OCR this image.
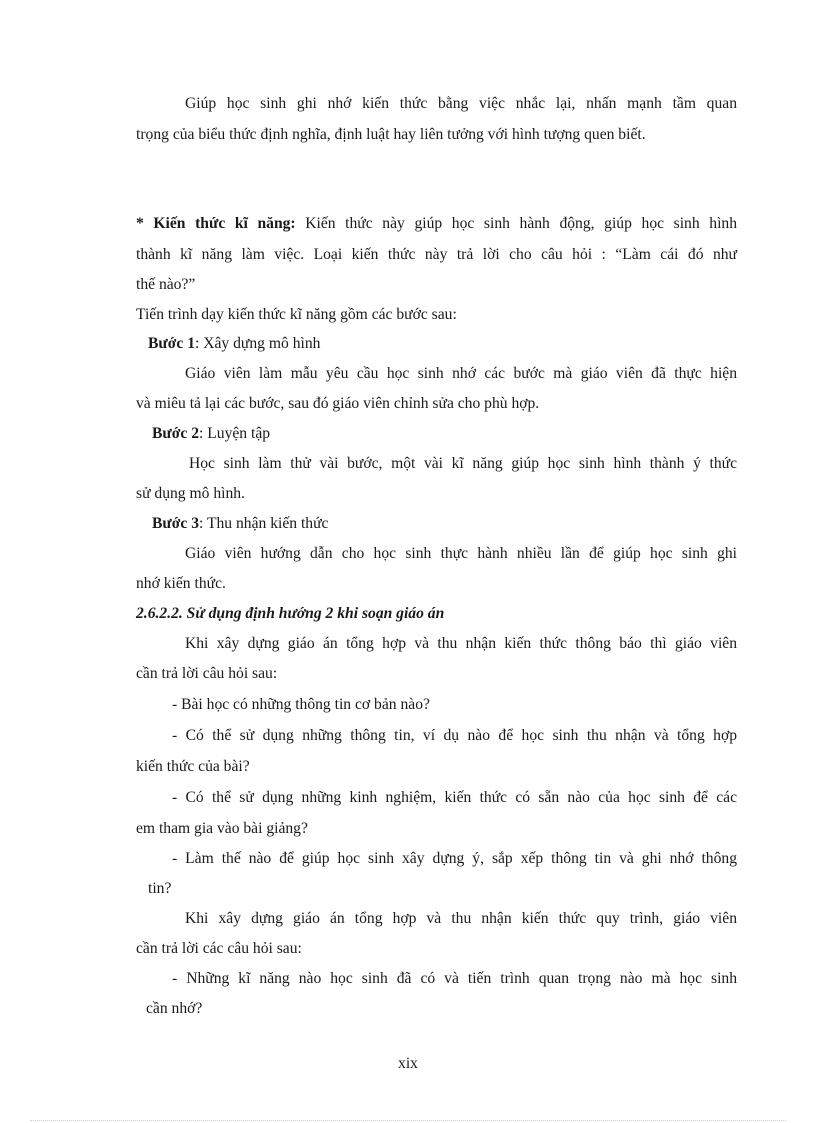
Giúp học sinh ghi nhớ kiến thức bằng việc nhắc lại, nhấn mạnh tầm quan
trọng của biểu thức định nghĩa, định luật hay liên tưởng với hình tượng quen biết.
* Kiến thức kĩ năng: Kiến thức này giúp học sinh hành động, giúp học sinh hình
thành kĩ năng làm việc. Loại kiến thức này trả lời cho câu hỏi : “Làm cái đó như
thế nào?”
Tiến trình dạy kiến thức kĩ năng gồm các bước sau:
Bước 1: Xây dựng mô hình
Giáo viên làm mẫu yêu cầu học sinh nhớ các bước mà giáo viên đã thực hiện
và miêu tả lại các bước, sau đó giáo viên chỉnh sửa cho phù hợp.
Bước 2: Luyện tập
Học sinh làm thử vài bước, một vài kĩ năng giúp học sinh hình thành ý thức
sử dụng mô hình.
Bước 3: Thu nhận kiến thức
Giáo viên hướng dẫn cho học sinh thực hành nhiều lần để giúp học sinh ghi
nhớ kiến thức.
2.6.2.2. Sử dụng định hướng 2 khi soạn giáo án
Khi xây dựng giáo án tổng hợp và thu nhận kiến thức thông báo thì giáo viên
cần trả lời câu hỏi sau:
- Bài học có những thông tin cơ bản nào?
- Có thể sử dụng những thông tin, ví dụ nào để học sinh thu nhận và tổng hợp
kiến thức của bài?
- Có thể sử dụng những kinh nghiệm, kiến thức có sẵn nào của học sinh để các
em tham gia vào bài giảng?
- Làm thế nào để giúp học sinh xây dựng ý, sắp xếp thông tin và ghi nhớ thông
tin?
Khi xây dựng giáo án tổng hợp và thu nhận kiến thức quy trình, giáo viên
cần trả lời các câu hỏi sau:
- Những kĩ năng nào học sinh đã có và tiến trình quan trọng nào mà học sinh
cần nhớ?
xix
